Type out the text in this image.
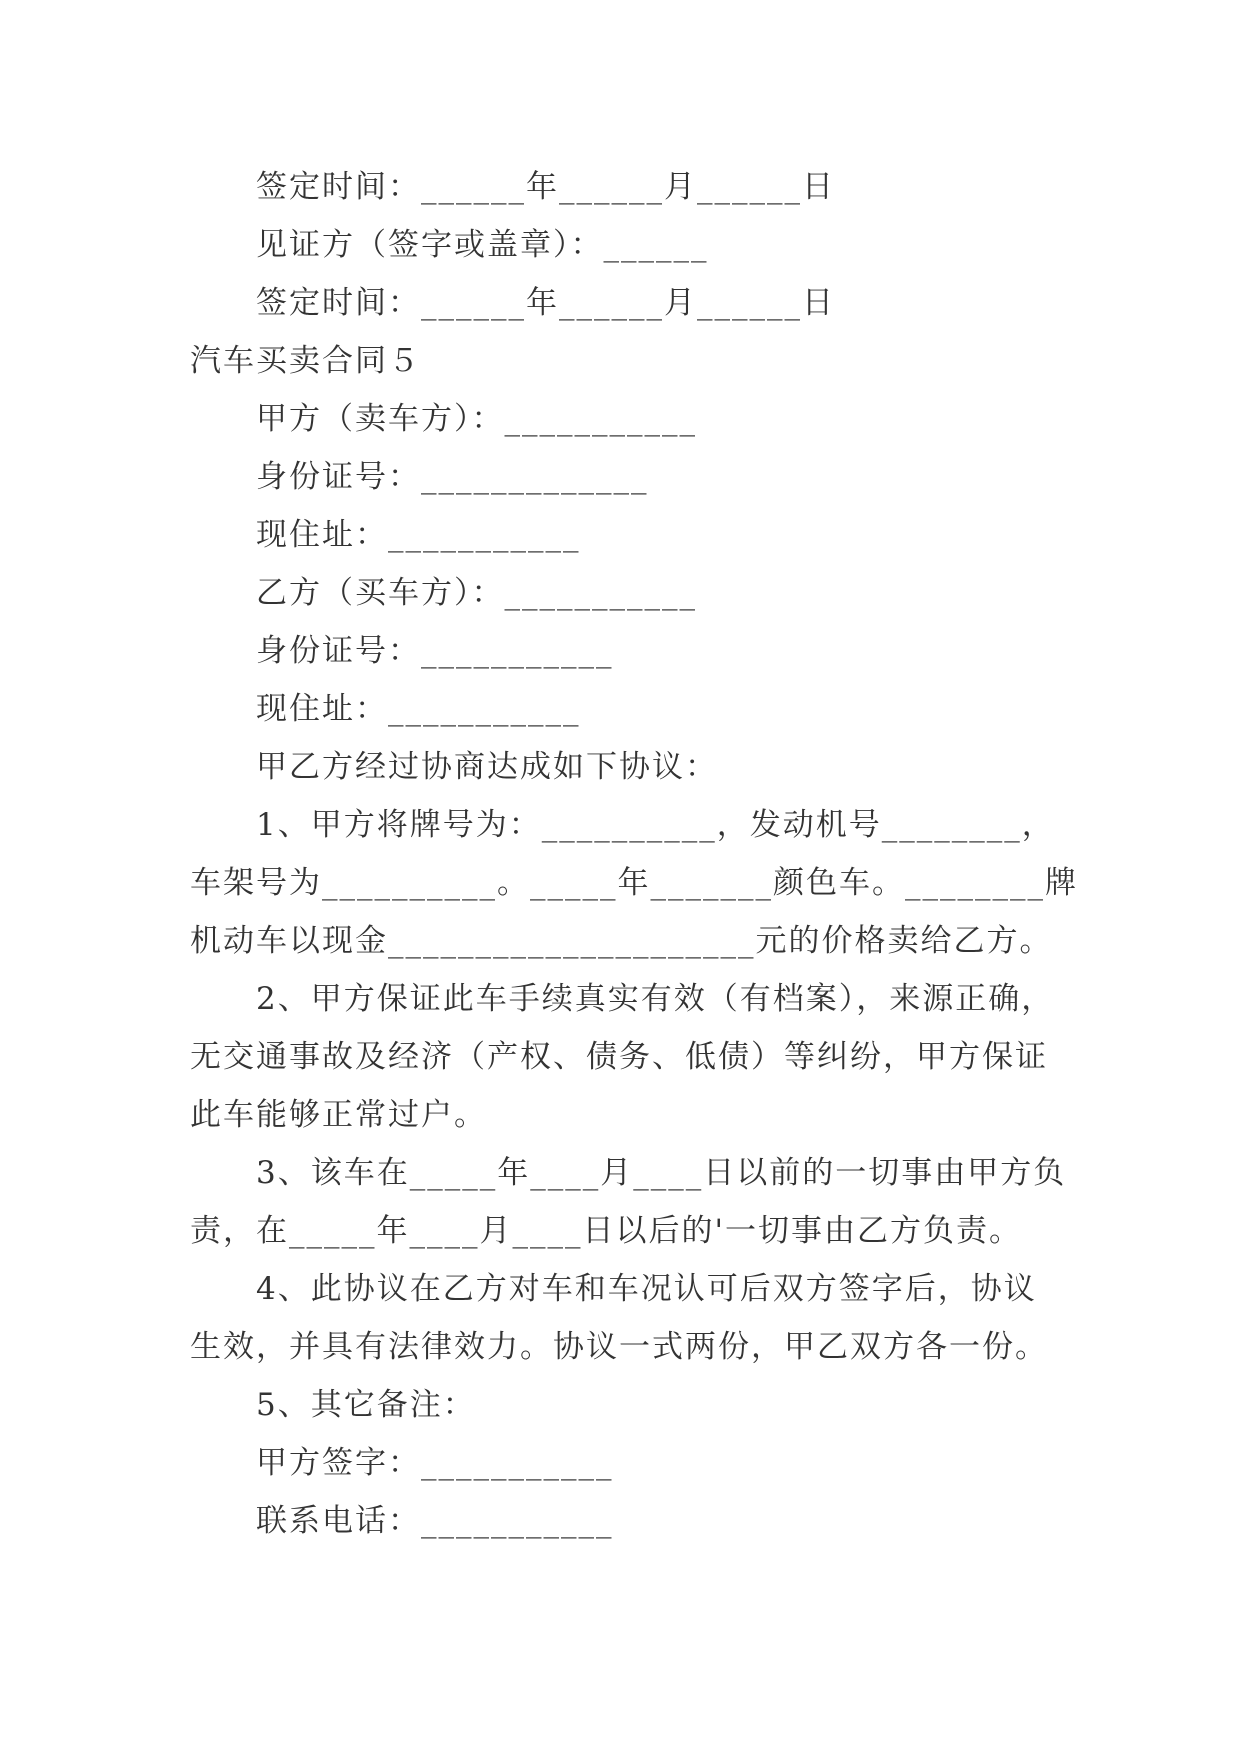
签定时间：______年______月______日
见证方（签字或盖章）：______
签定时间：______年______月______日
汽车买卖合同５
甲方（卖车方）：___________
身份证号：_____________
现住址：___________
乙方（买车方）：___________
身份证号：___________
现住址：___________
甲乙方经过协商达成如下协议：
1、甲方将牌号为：__________，发动机号________，
车架号为__________。_____年_______颜色车。________牌
机动车以现金_____________________元的价格卖给乙方。
2、甲方保证此车手续真实有效（有档案），来源正确，
无交通事故及经济（产权、债务、低债）等纠纷，甲方保证
此车能够正常过户。
3、该车在_____年____月____日以前的一切事由甲方负
责，在_____年____月____日以后的'一切事由乙方负责。
4、此协议在乙方对车和车况认可后双方签字后，协议
生效，并具有法律效力。协议一式两份，甲乙双方各一份。
5、其它备注：
甲方签字：___________
联系电话：___________
